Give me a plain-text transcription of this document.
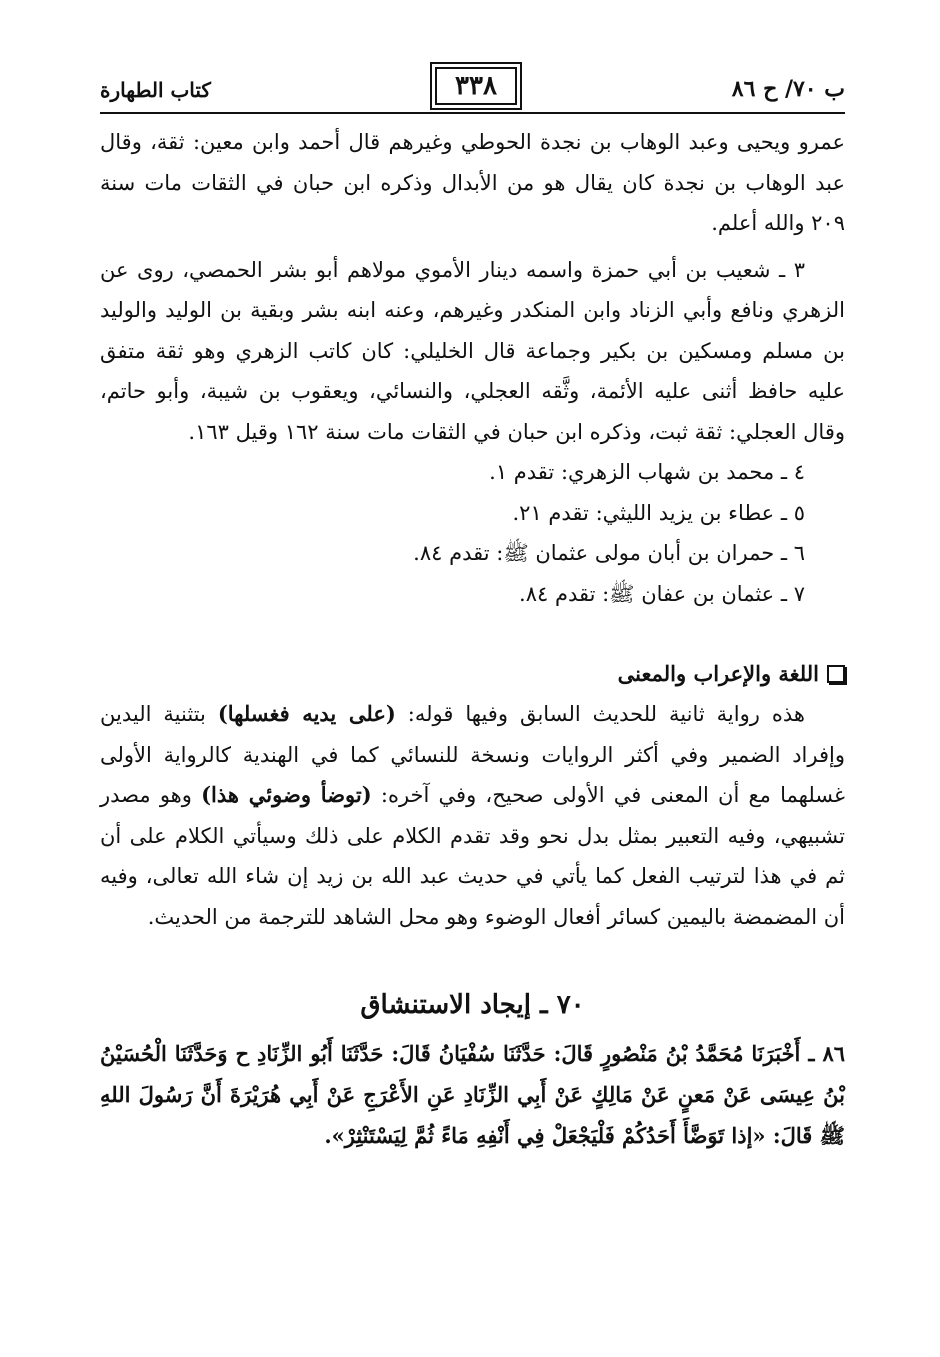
ب ٧٠/ ح ٨٦
٣٣٨
كتاب الطهارة

عمرو ويحيى وعبد الوهاب بن نجدة الحوطي وغيرهم قال أحمد وابن معين: ثقة، وقال عبد الوهاب بن نجدة كان يقال هو من الأبدال وذكره ابن حبان في الثقات مات سنة ٢٠٩ والله أعلم.

٣ ـ شعيب بن أبي حمزة واسمه دينار الأموي مولاهم أبو بشر الحمصي، روى عن الزهري ونافع وأبي الزناد وابن المنكدر وغيرهم، وعنه ابنه بشر وبقية بن الوليد والوليد بن مسلم ومسكين بن بكير وجماعة قال الخليلي: كان كاتب الزهري وهو ثقة متفق عليه حافظ أثنى عليه الأئمة، وثَّقه العجلي، والنسائي، ويعقوب بن شيبة، وأبو حاتم، وقال العجلي: ثقة ثبت، وذكره ابن حبان في الثقات مات سنة ١٦٢ وقيل ١٦٣.

٤ ـ محمد بن شهاب الزهري: تقدم ١.

٥ ـ عطاء بن يزيد الليثي: تقدم ٢١.

٦ ـ حمران بن أبان مولى عثمان ﷺ: تقدم ٨٤.

٧ ـ عثمان بن عفان ﷺ: تقدم ٨٤.

اللغة والإعراب والمعنى

هذه رواية ثانية للحديث السابق وفيها قوله: (على يديه فغسلها) بتثنية اليدين وإفراد الضمير وفي أكثر الروايات ونسخة للنسائي كما في الهندية كالرواية الأولى غسلهما مع أن المعنى في الأولى صحيح، وفي آخره: (توضأ وضوئي هذا) وهو مصدر تشبيهي، وفيه التعبير بمثل بدل نحو وقد تقدم الكلام على ذلك وسيأتي الكلام على أن ثم في هذا لترتيب الفعل كما يأتي في حديث عبد الله بن زيد إن شاء الله تعالى، وفيه أن المضمضة باليمين كسائر أفعال الوضوء وهو محل الشاهد للترجمة من الحديث.

٧٠ ـ إيجاد الاستنشاق

٨٦ ـ أَخْبَرَنَا مُحَمَّدُ بْنُ مَنْصُورٍ قَالَ: حَدَّثَنَا سُفْيَانُ قَالَ: حَدَّثَنَا أَبُو الزِّنَادِ ح وَحَدَّثَنَا الْحُسَيْنُ بْنُ عِيسَى عَنْ مَعنٍ عَنْ مَالِكٍ عَنْ أَبِي الزِّنَادِ عَنِ الأَعْرَجِ عَنْ أَبِي هُرَيْرَةَ أَنَّ رَسُولَ اللهِ ﷺ قَالَ: «إذا تَوَضَّأَ أَحَدُكُمْ فَلْيَجْعَلْ فِي أَنْفِهِ مَاءً ثُمَّ لِيَسْتَنْثِرْ».
